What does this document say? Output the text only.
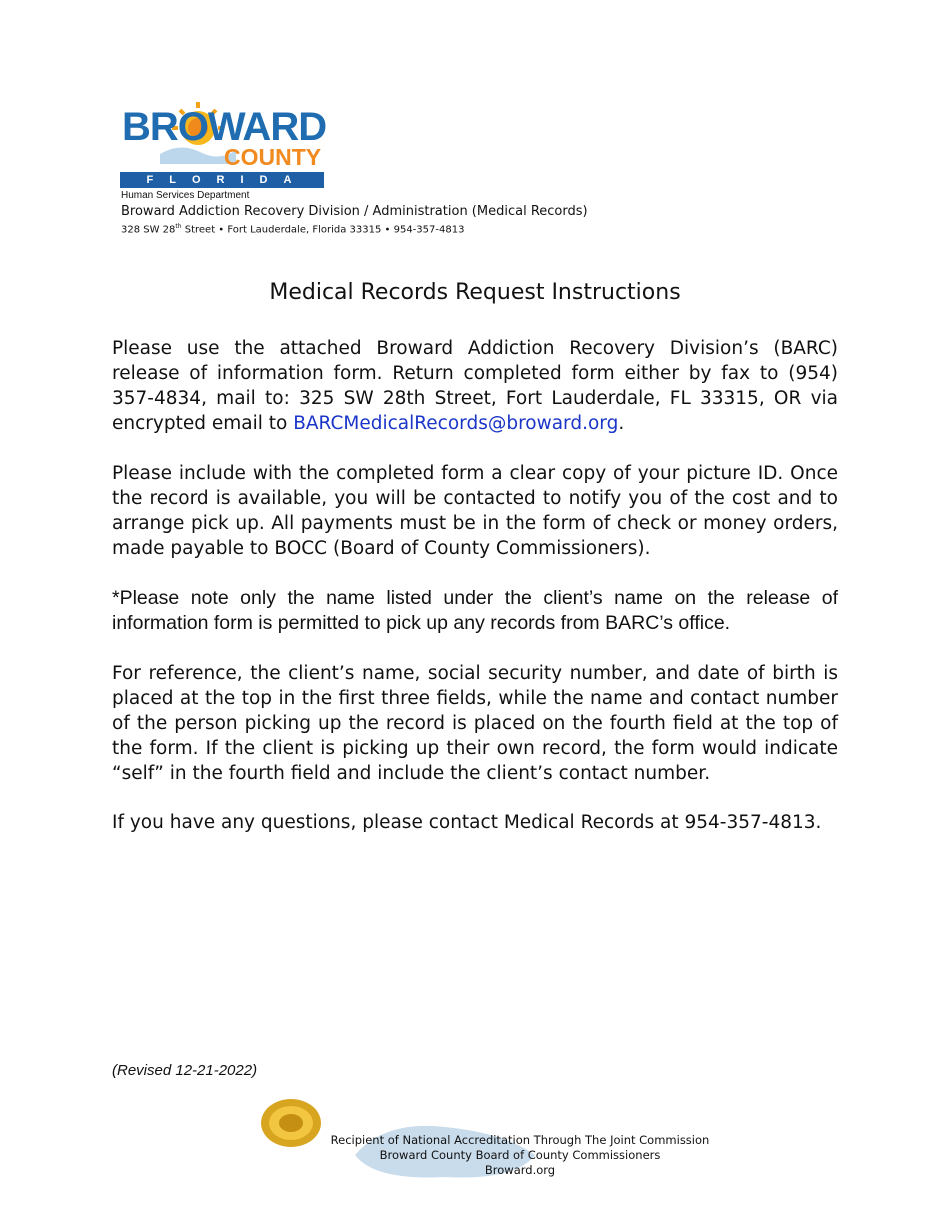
BROWARD
COUNTY
FLORIDA
Human Services Department
Broward Addiction Recovery Division / Administration (Medical Records)
328 SW 28th Street • Fort Lauderdale, Florida 33315 • 954-357-4813
Medical Records Request Instructions
Please use the attached Broward Addiction Recovery Division’s (BARC) release of information form. Return completed form either by fax to (954) 357-4834, mail to: 325 SW 28th Street, Fort Lauderdale, FL 33315, OR via encrypted email to BARCMedicalRecords@broward.org.
Please include with the completed form a clear copy of your picture ID. Once the record is available, you will be contacted to notify you of the cost and to arrange pick up. All payments must be in the form of check or money orders, made payable to BOCC (Board of County Commissioners).
*Please note only the name listed under the client’s name on the release of information form is permitted to pick up any records from BARC’s office.
For reference, the client’s name, social security number, and date of birth is placed at the top in the first three fields, while the name and contact number of the person picking up the record is placed on the fourth field at the top of the form. If the client is picking up their own record, the form would indicate “self” in the fourth field and include the client’s contact number.
If you have any questions, please contact Medical Records at 954-357-4813.
(Revised 12-21-2022)
Recipient of National Accreditation Through The Joint Commission
Broward County Board of County Commissioners
Broward.org
